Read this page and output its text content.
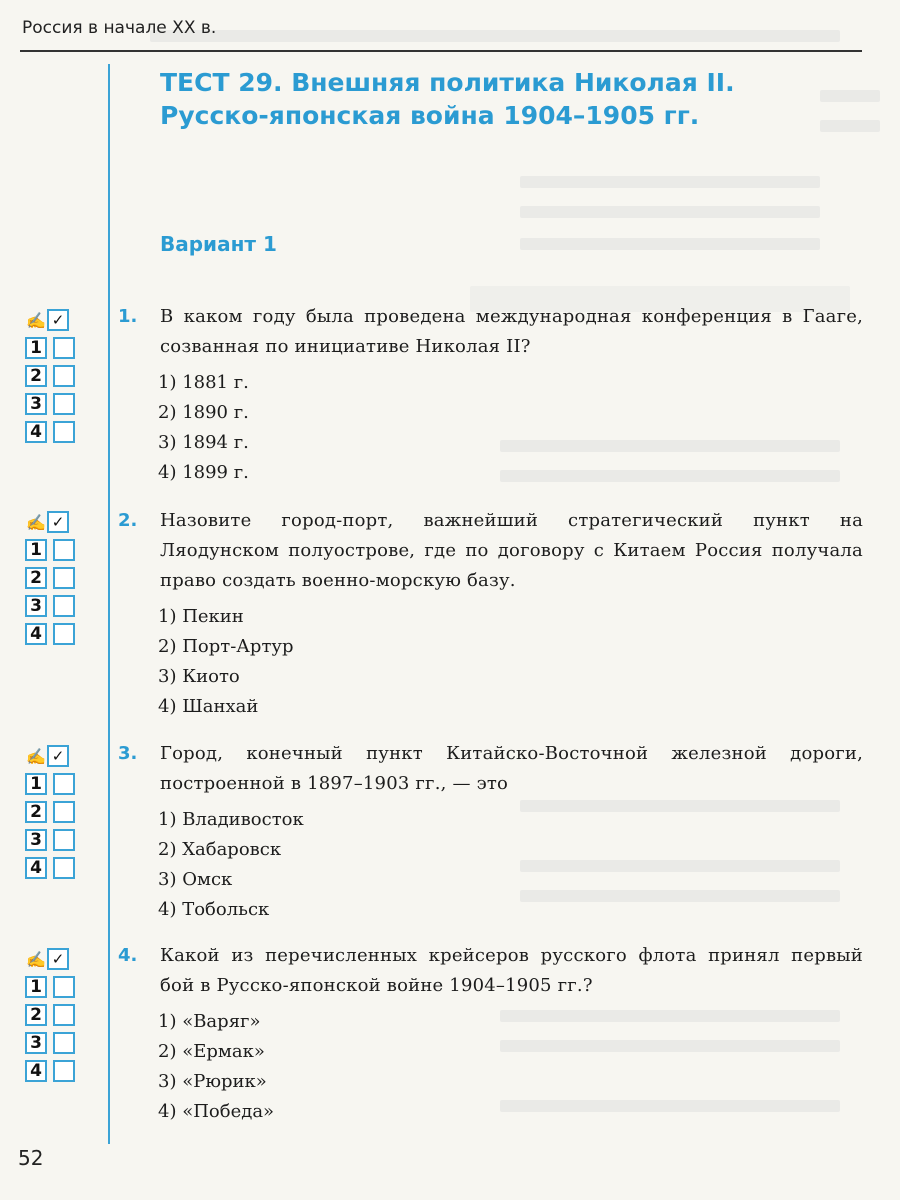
Россия в начале XX в.
ТЕСТ 29. Внешняя политика Николая II.
Русско-японская война 1904–1905 гг.
Вариант 1
✍ ✓
1
2
3
4
✍ ✓
1
2
3
4
✍ ✓
1
2
3
4
✍ ✓
1
2
3
4
1.	В каком году была проведена международная конференция в Гааге, созванная по инициативе Николая II?
1) 1881 г.
2) 1890 г.
3) 1894 г.
4) 1899 г.
2.	Назовите город-порт, важнейший стратегический пункт на Ляодунском полуострове, где по договору с Китаем Россия получала право создать военно-морскую базу.
1) Пекин
2) Порт-Артур
3) Киото
4) Шанхай
3.	Город, конечный пункт Китайско-Восточной железной дороги, построенной в 1897–1903 гг., — это
1) Владивосток
2) Хабаровск
3) Омск
4) Тобольск
4.	Какой из перечисленных крейсеров русского флота принял первый бой в Русско-японской войне 1904–1905 гг.?
1) «Варяг»
2) «Ермак»
3) «Рюрик»
4) «Победа»
52
